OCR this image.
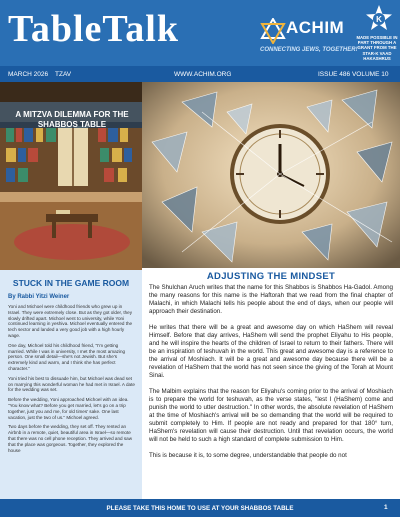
TableTalk	ACHIM
CONNECTING JEWS, TOGETHER!
K
MADE POSSIBLE IN PART THROUGH A GRANT FROM THE STAR-K VAAD HAKASHRUS
MARCH 2026 TZAV	WWW.ACHIM.ORG	ISSUE 486 VOLUME 10
A MITZVA DILEMMA FOR THE SHABBOS TABLE
STUCK IN THE GAME ROOM
By Rabbi Yitzi Weiner

Yoni and Michoel were childhood friends who grew up in Israel. They were extremely close. But as they got older, they slowly drifted apart. Michoel went to university, while Yoni continued learning in yeshiva. Michoel eventually entered the tech sector and landed a very good job with a high hourly wage.

One day, Michoel told his childhood friend, "I'm getting married. While I was in university, I met the most amazing person. One small detail—she's not Jewish. But she's extremely kind and warm, and I think she has perfect character."

Yoni tried his best to dissuade him, but Michoel was dead set on marrying this wonderful woman he had met in Israel. A date for the wedding was set.

Before the wedding, Yoni approached Michoel with an idea. "You know what? Before you get married, let's go on a trip together, just you and me, for old times' sake. One last vacation, just the two of us." Michoel agreed.

Two days before the wedding, they set off. They rented an Airbnb in a remote, quiet, beautiful area in Israel—so remote that there was no cell phone reception. They arrived and saw that the place was gorgeous. Together, they explored the house

ADJUSTING THE MINDSET

The Shulchan Aruch writes that the name for this Shabbos is Shabbos Ha-Gadol. Among the many reasons for this name is the Haftorah that we read from the final chapter of Malachi, in which Malachi tells his people about the end of days, when our people will approach their destination.

He writes that there will be a great and awesome day on which HaShem will reveal Himself. Before that day arrives, HaShem will send the prophet Eliyahu to His people, and he will inspire the hearts of the children of Israel to return to their fathers. There will be an inspiration of teshuvah in the world. This great and awesome day is a reference to the arrival of Moshiach. It will be a great and awesome day because there will be a revelation of HaShem that the world has not seen since the giving of the Torah at Mount Sinai.

The Malbim explains that the reason for Eliyahu's coming prior to the arrival of Moshiach is to prepare the world for teshuvah, as the verse states, "lest I (HaShem) come and punish the world to utter destruction." In other words, the absolute revelation of HaShem at the time of Moshiach's arrival will be so demanding that the world will be required to submit completely to Him. If people are not ready and prepared for that 180° turn, HaShem's revelation will cause their destruction. Until that revelation occurs, the world will not be held to such a high standard of complete submission to Him.

This is because it is, to some degree, understandable that people do not

PLEASE TAKE THIS HOME TO USE AT YOUR SHABBOS TABLE	1
